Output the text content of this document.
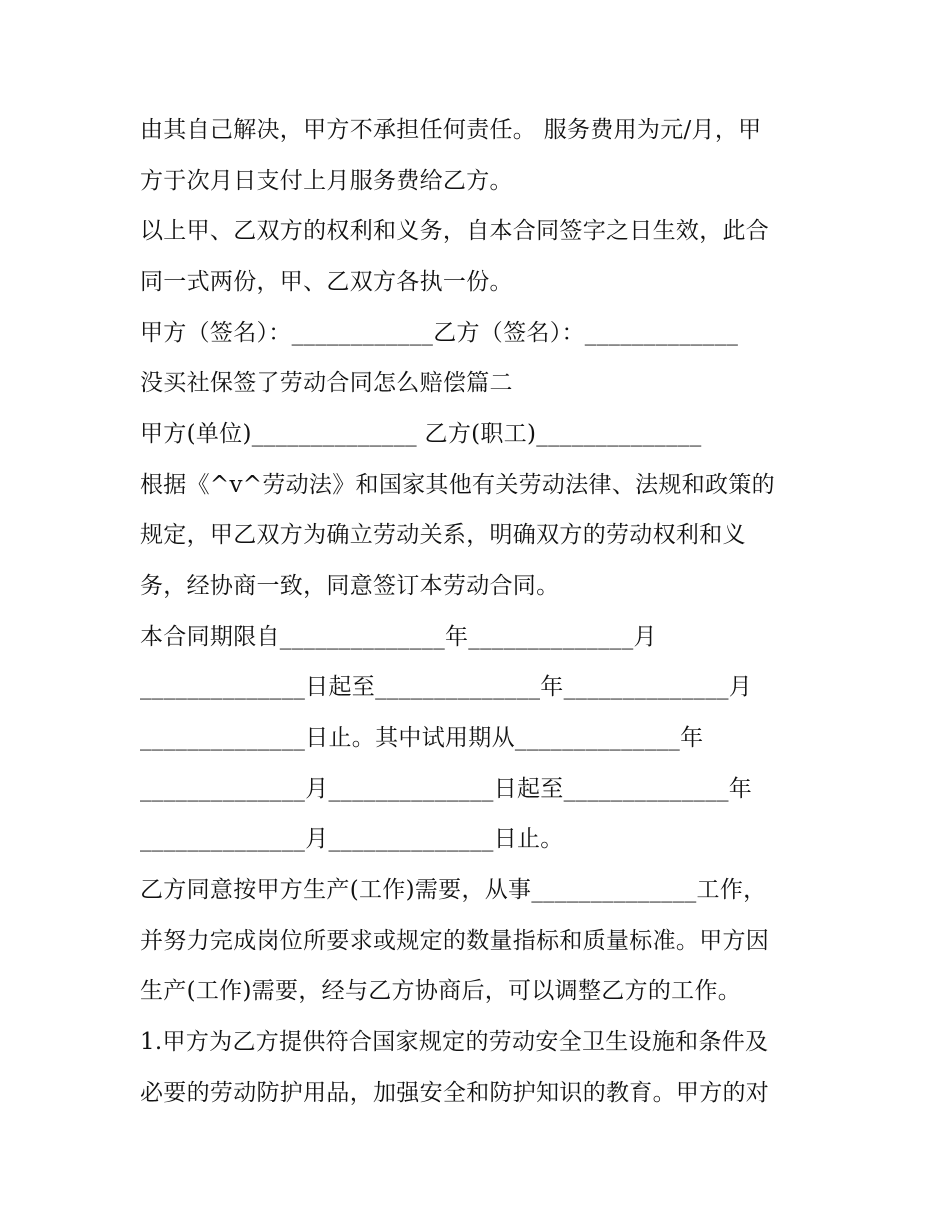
由其自己解决，甲方不承担任何责任。 服务费用为元/月，甲
方于次月日支付上月服务费给乙方。
以上甲、乙双方的权利和义务，自本合同签字之日生效，此合
同一式两份，甲、乙双方各执一份。
甲方（签名）：____________乙方（签名）：_____________
没买社保签了劳动合同怎么赔偿篇二
甲方(单位)______________ 乙方(职工)______________
根据《^v^劳动法》和国家其他有关劳动法律、法规和政策的
规定，甲乙双方为确立劳动关系，明确双方的劳动权利和义
务，经协商一致，同意签订本劳动合同。
本合同期限自______________年______________月
______________日起至______________年______________月
______________日止。其中试用期从______________年
______________月______________日起至______________年
______________月______________日止。
乙方同意按甲方生产(工作)需要，从事______________工作，
并努力完成岗位所要求或规定的数量指标和质量标准。甲方因
生产(工作)需要，经与乙方协商后，可以调整乙方的工作。
1.甲方为乙方提供符合国家规定的劳动安全卫生设施和条件及
必要的劳动防护用品，加强安全和防护知识的教育。甲方的对
